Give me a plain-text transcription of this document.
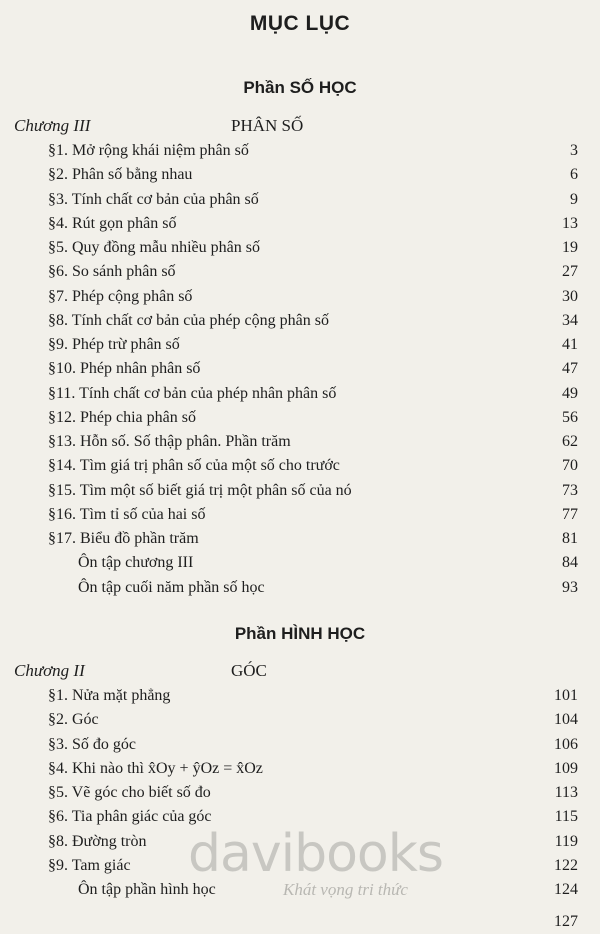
MỤC LỤC
Phần SỐ HỌC
Chương III	PHÂN SỐ
§1. Mở rộng khái niệm phân số	3
§2. Phân số bằng nhau	6
§3. Tính chất cơ bản của phân số	9
§4. Rút gọn phân số	13
§5. Quy đồng mẫu nhiều phân số	19
§6. So sánh phân số	27
§7. Phép cộng phân số	30
§8. Tính chất cơ bản của phép cộng phân số	34
§9. Phép trừ phân số	41
§10. Phép nhân phân số	47
§11. Tính chất cơ bản của phép nhân phân số	49
§12. Phép chia phân số	56
§13. Hỗn số. Số thập phân. Phần trăm	62
§14. Tìm giá trị phân số của một số cho trước	70
§15. Tìm một số biết giá trị một phân số của nó	73
§16. Tìm tỉ số của hai số	77
§17. Biểu đồ phần trăm	81
Ôn tập chương III	84
Ôn tập cuối năm phần số học	93
Phần HÌNH HỌC
Chương II	GÓC
§1. Nửa mặt phẳng	101
§2. Góc	104
§3. Số đo góc	106
§4. Khi nào thì x̂Oy + ŷOz = x̂Oz	109
§5. Vẽ góc cho biết số đo	113
§6. Tia phân giác của góc	115
§8. Đường tròn	119
§9. Tam giác	122
Ôn tập phần hình học	124
127
davibooks
Khát vọng tri thức
